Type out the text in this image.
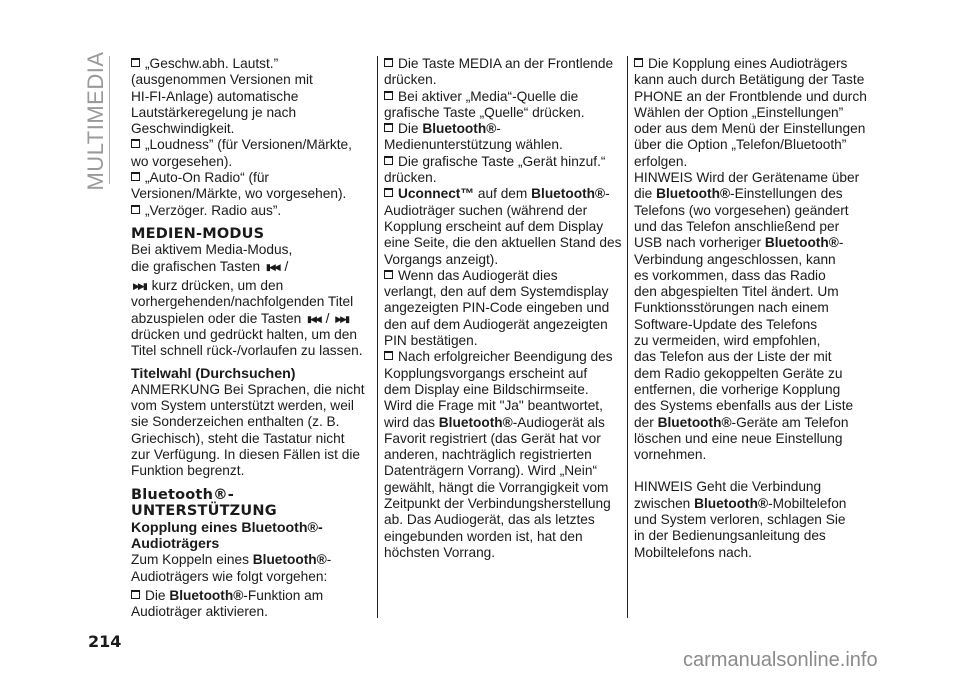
MULTIMEDIA	„Geschw.abh. Lautst.”
(ausgenommen Versionen mit
HI-FI-Anlage) automatische
Lautstärkeregelung je nach
Geschwindigkeit.
„Loudness” (für Versionen/Märkte,
wo vorgesehen).
„Auto-On Radio“ (für
Versionen/Märkte, wo vorgesehen).
„Verzöger. Radio aus”.
MEDIEN-MODUS
Bei aktivem Media-Modus,
die grafischen Tasten ▮◀◀ /
▶▶▮ kurz drücken, um den
vorhergehenden/nachfolgenden Titel
abzuspielen oder die Tasten ▮◀◀ / ▶▶▮
drücken und gedrückt halten, um den
Titel schnell rück-/vorlaufen zu lassen.
Titelwahl (Durchsuchen)
ANMERKUNG Bei Sprachen, die nicht
vom System unterstützt werden, weil
sie Sonderzeichen enthalten (z. B.
Griechisch), steht die Tastatur nicht
zur Verfügung. In diesen Fällen ist die
Funktion begrenzt.
Bluetooth®-
UNTERSTÜTZUNG
Kopplung eines Bluetooth®-
Audioträgers
Zum Koppeln eines Bluetooth®-
Audioträgers wie folgt vorgehen:
Die Bluetooth®-Funktion am
Audioträger aktivieren.
Die Taste MEDIA an der Frontlende
drücken.
Bei aktiver „Media“-Quelle die
grafische Taste „Quelle“ drücken.
Die Bluetooth®-
Medienunterstützung wählen.
Die grafische Taste „Gerät hinzuf.“
drücken.
Uconnect™ auf dem Bluetooth®-
Audioträger suchen (während der
Kopplung erscheint auf dem Display
eine Seite, die den aktuellen Stand des
Vorgangs anzeigt).
Wenn das Audiogerät dies
verlangt, den auf dem Systemdisplay
angezeigten PIN-Code eingeben und
den auf dem Audiogerät angezeigten
PIN bestätigen.
Nach erfolgreicher Beendigung des
Kopplungsvorgangs erscheint auf
dem Display eine Bildschirmseite.
Wird die Frage mit "Ja" beantwortet,
wird das Bluetooth®-Audiogerät als
Favorit registriert (das Gerät hat vor
anderen, nachträglich registrierten
Datenträgern Vorrang). Wird „Nein“
gewählt, hängt die Vorrangigkeit vom
Zeitpunkt der Verbindungsherstellung
ab. Das Audiogerät, das als letztes
eingebunden worden ist, hat den
höchsten Vorrang.
Die Kopplung eines Audioträgers
kann auch durch Betätigung der Taste
PHONE an der Frontblende und durch
Wählen der Option „Einstellungen”
oder aus dem Menü der Einstellungen
über die Option „Telefon/Bluetooth”
erfolgen.
HINWEIS Wird der Gerätename über
die Bluetooth®-Einstellungen des
Telefons (wo vorgesehen) geändert
und das Telefon anschließend per
USB nach vorheriger Bluetooth®-
Verbindung angeschlossen, kann
es vorkommen, dass das Radio
den abgespielten Titel ändert. Um
Funktionsstörungen nach einem
Software-Update des Telefons
zu vermeiden, wird empfohlen,
das Telefon aus der Liste der mit
dem Radio gekoppelten Geräte zu
entfernen, die vorherige Kopplung
des Systems ebenfalls aus der Liste
der Bluetooth®-Geräte am Telefon
löschen und eine neue Einstellung
vornehmen.
HINWEIS Geht die Verbindung
zwischen Bluetooth®-Mobiltelefon
und System verloren, schlagen Sie
in der Bedienungsanleitung des
Mobiltelefons nach.
214
carmanualsonline.info
